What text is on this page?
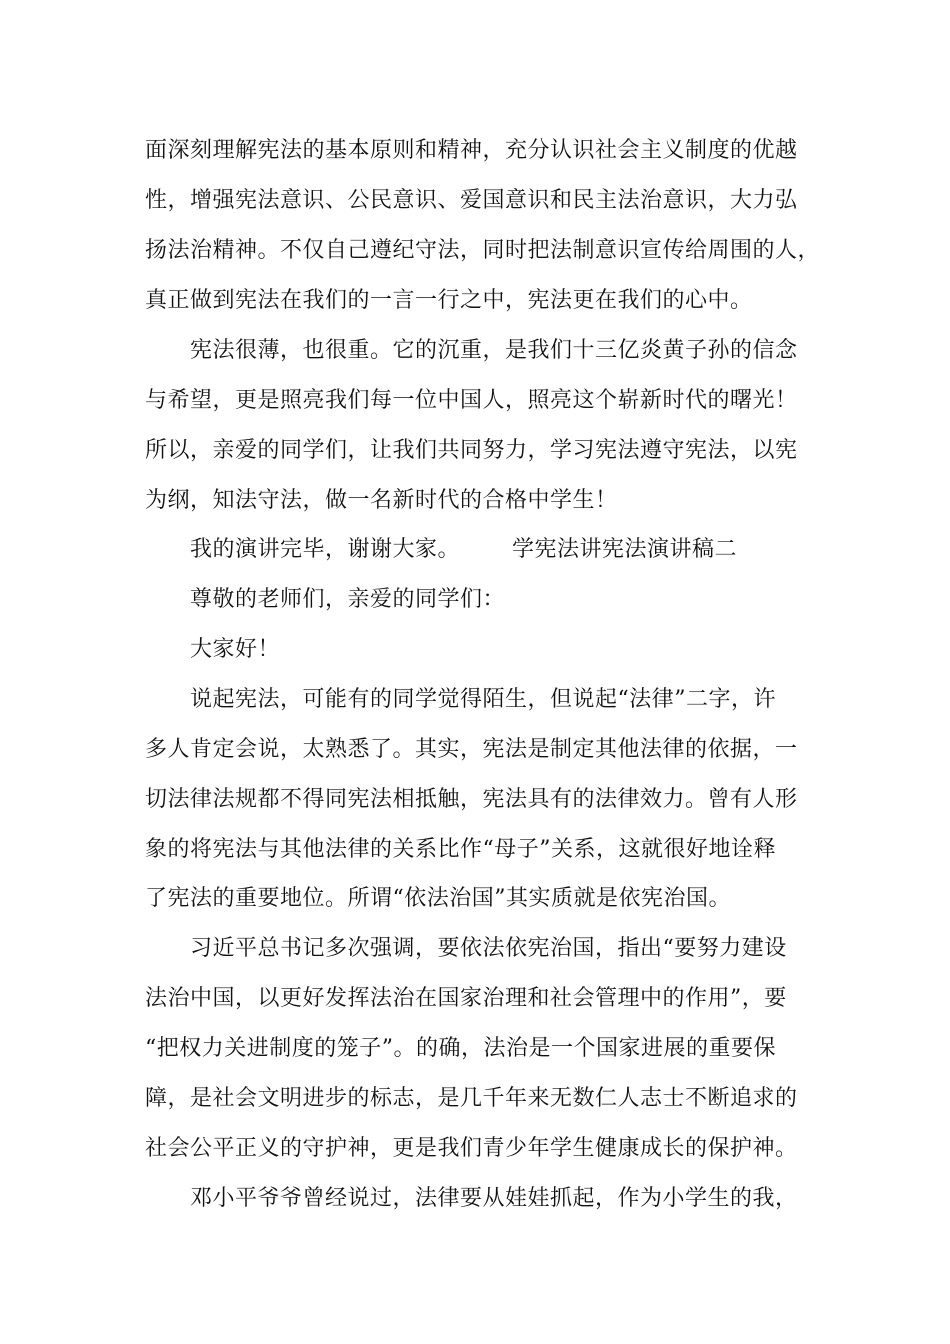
面深刻理解宪法的基本原则和精神，充分认识社会主义制度的优越
性，增强宪法意识、公民意识、爱国意识和民主法治意识，大力弘
扬法治精神。不仅自己遵纪守法，同时把法制意识宣传给周围的人，
真正做到宪法在我们的一言一行之中，宪法更在我们的心中。
宪法很薄，也很重。它的沉重，是我们十三亿炎黄子孙的信念
与希望，更是照亮我们每一位中国人，照亮这个崭新时代的曙光！
所以，亲爱的同学们，让我们共同努力，学习宪法遵守宪法，以宪
为纲，知法守法，做一名新时代的合格中学生！
我的演讲完毕，谢谢大家。 学宪法讲宪法演讲稿二
尊敬的老师们，亲爱的同学们：
大家好！
说起宪法，可能有的同学觉得陌生，但说起“法律”二字，许
多人肯定会说，太熟悉了。其实，宪法是制定其他法律的依据，一
切法律法规都不得同宪法相抵触，宪法具有的法律效力。曾有人形
象的将宪法与其他法律的关系比作“母子”关系，这就很好地诠释
了宪法的重要地位。所谓“依法治国”其实质就是依宪治国。
习近平总书记多次强调，要依法依宪治国，指出“要努力建设
法治中国，以更好发挥法治在国家治理和社会管理中的作用”，要
“把权力关进制度的笼子”。的确，法治是一个国家进展的重要保
障，是社会文明进步的标志，是几千年来无数仁人志士不断追求的
社会公平正义的守护神，更是我们青少年学生健康成长的保护神。
邓小平爷爷曾经说过，法律要从娃娃抓起，作为小学生的我，
